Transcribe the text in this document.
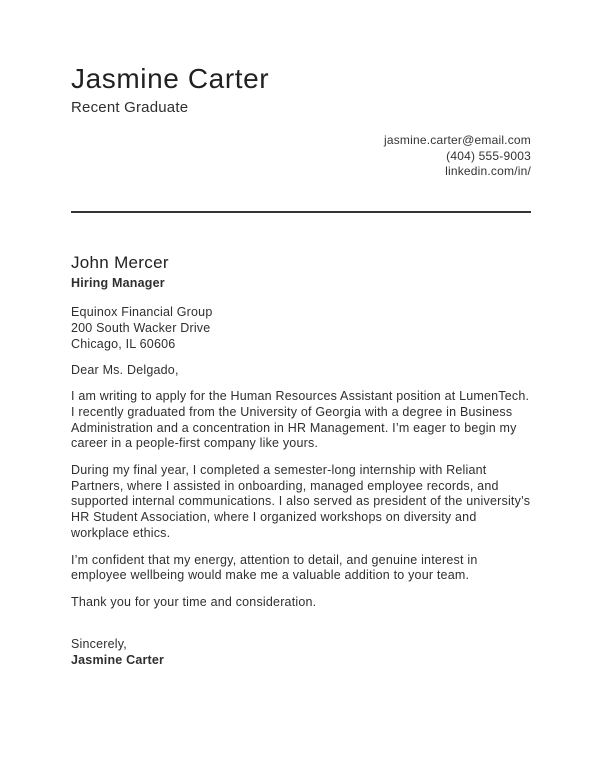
Jasmine Carter
Recent Graduate
jasmine.carter@email.com
(404) 555-9003
linkedin.com/in/
John Mercer
Hiring Manager
Equinox Financial Group
200 South Wacker Drive
Chicago, IL 60606

Dear Ms. Delgado,

I am writing to apply for the Human Resources Assistant position at LumenTech. I recently graduated from the University of Georgia with a degree in Business Administration and a concentration in HR Management. I’m eager to begin my career in a people-first company like yours.

During my final year, I completed a semester-long internship with Reliant Partners, where I assisted in onboarding, managed employee records, and supported internal communications. I also served as president of the university’s HR Student Association, where I organized workshops on diversity and workplace ethics.

I’m confident that my energy, attention to detail, and genuine interest in employee wellbeing would make me a valuable addition to your team.

Thank you for your time and consideration.

Sincerely,
Jasmine Carter
